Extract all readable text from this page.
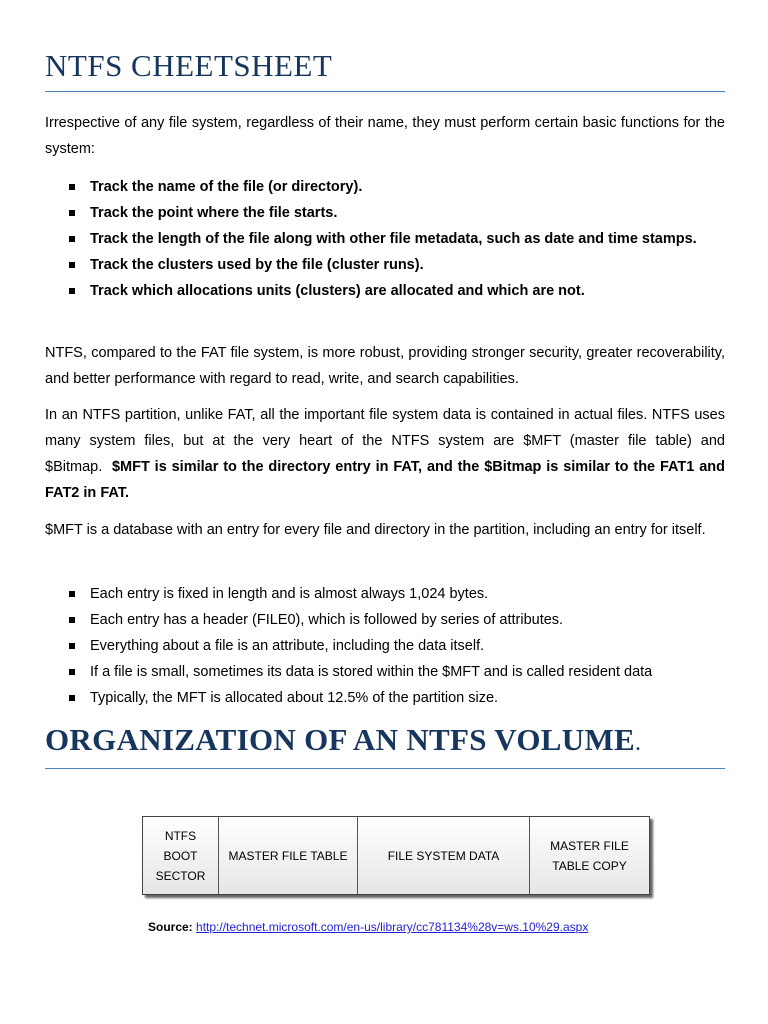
NTFS CHEETSHEET
Irrespective of any file system, regardless of their name, they must perform certain basic functions for the system:
Track the name of the file (or directory).
Track the point where the file starts.
Track the length of the file along with other file metadata, such as date and time stamps.
Track the clusters used by the file (cluster runs).
Track which allocations units (clusters) are allocated and which are not.
NTFS, compared to the FAT file system, is more robust, providing stronger security, greater recoverability, and better performance with regard to read, write, and search capabilities.
In an NTFS partition, unlike FAT, all the important file system data is contained in actual files. NTFS uses many system files, but at the very heart of the NTFS system are $MFT (master file table) and $Bitmap. $MFT is similar to the directory entry in FAT, and the $Bitmap is similar to the FAT1 and FAT2 in FAT.
$MFT is a database with an entry for every file and directory in the partition, including an entry for itself.
Each entry is fixed in length and is almost always 1,024 bytes.
Each entry has a header (FILE0), which is followed by series of attributes.
Everything about a file is an attribute, including the data itself.
If a file is small, sometimes its data is stored within the $MFT and is called resident data
Typically, the MFT is allocated about 12.5% of the partition size.
ORGANIZATION OF AN NTFS VOLUME.
NTFS
BOOT
SECTOR
MASTER FILE TABLE	FILE SYSTEM DATA
MASTER FILE
TABLE COPY
Source: http://technet.microsoft.com/en-us/library/cc781134%28v=ws.10%29.aspx
